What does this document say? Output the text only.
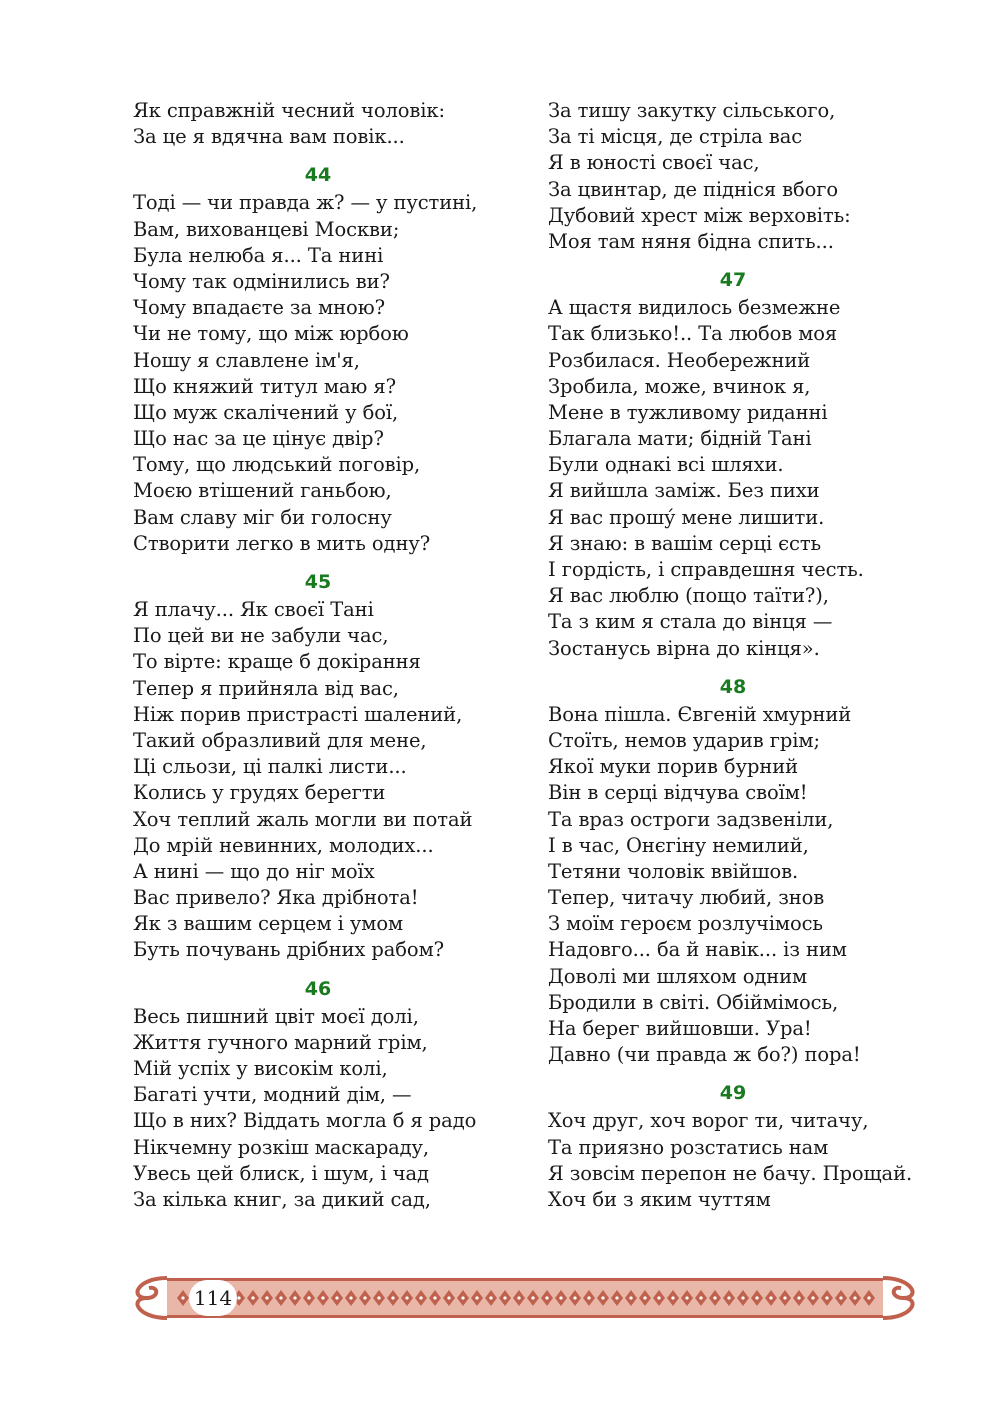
Як справжній чесний чоловік:
За це я вдячна вам повік...
44
Тоді — чи правда ж? — у пустині,
Вам, вихованцеві Москви;
Була нелюба я... Та нині
Чому так одмінились ви?
Чому впадаєте за мною?
Чи не тому, що між юрбою
Ношу я славлене ім'я,
Що княжий титул маю я?
Що муж скалічений у бої,
Що нас за це цінує двір?
Тому, що людський поговір,
Моєю втішений ганьбою,
Вам славу міг би голосну
Створити легко в мить одну?
45
Я плачу... Як своєї Тані
По цей ви не забули час,
То вірте: краще б докірання
Тепер я прийняла від вас,
Ніж порив пристрасті шалений,
Такий образливий для мене,
Ці сльози, ці палкі листи...
Колись у грудях берегти
Хоч теплий жаль могли ви потай
До мрій невинних, молодих...
А нині — що до ніг моїх
Вас привело? Яка дрібнота!
Як з вашим серцем і умом
Буть почувань дрібних рабом?
46
Весь пишний цвіт моєї долі,
Життя гучного марний грім,
Мій успіх у високім колі,
Багаті учти, модний дім, —
Що в них? Віддать могла б я радо
Нікчемну розкіш маскараду,
Увесь цей блиск, і шум, і чад
За кілька книг, за дикий сад,
За тишу закутку сільського,
За ті місця, де стріла вас
Я в юності своєї час,
За цвинтар, де підніся вбого
Дубовий хрест між верховіть:
Моя там няня бідна спить...
47
А щастя видилось безмежне
Так близько!.. Та любов моя
Розбилася. Необережний
Зробила, може, вчинок я,
Мене в тужливому риданні
Благала мати; бідній Тані
Були однакі всі шляхи.
Я вийшла заміж. Без пихи
Я вас прошу́ мене лишити.
Я знаю: в вашім серці єсть
І гордість, і справдешня честь.
Я вас люблю (пощо таїти?),
Та з ким я стала до вінця —
Зостанусь вірна до кінця».
48
Вона пішла. Євгеній хмурний
Стоїть, немов ударив грім;
Якої муки порив бурний
Він в серці відчува своїм!
Та враз остроги задзвеніли,
І в час, Онєгіну немилий,
Тетяни чоловік ввійшов.
Тепер, читачу любий, знов
З моїм героєм розлучімось
Надовго... ба й навік... із ним
Доволі ми шляхом одним
Бродили в світі. Обіймімось,
На берег вийшовши. Ура!
Давно (чи правда ж бо?) пора!
49
Хоч друг, хоч ворог ти, читачу,
Та приязно розстатись нам
Я зовсім перепон не бачу. Прощай.
Хоч би з яким чуттям
114
